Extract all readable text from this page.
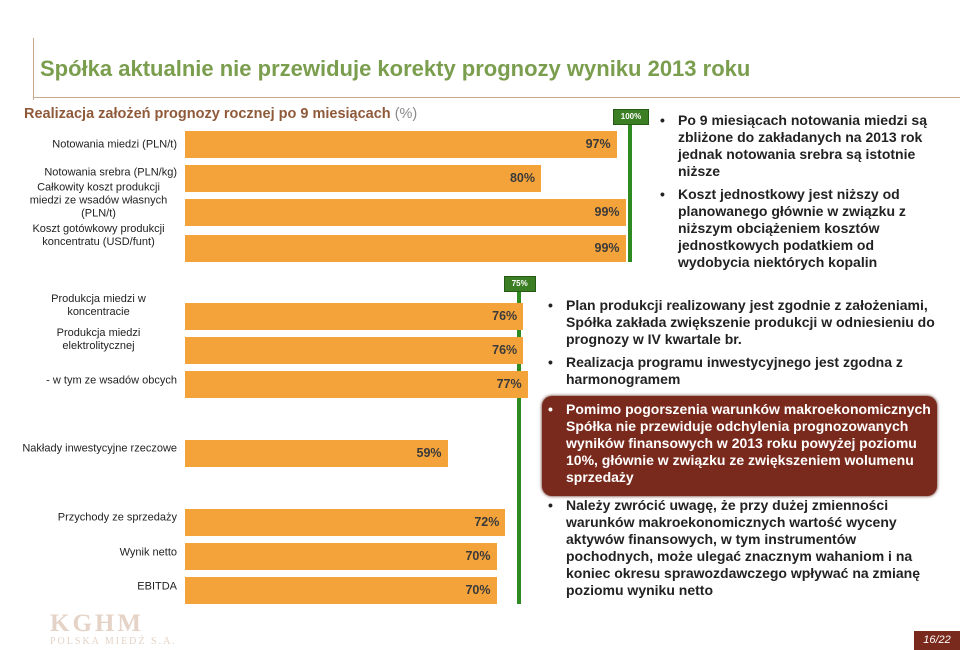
Spółka aktualnie nie przewiduje korekty prognozy wyniku 2013 roku
Realizacja założeń prognozy rocznej po 9 miesiącach (%)	100%
97%
Notowania miedzi (PLN/t)
80%
Notowania srebra (PLN/kg)
99%
Całkowity koszt produkcji miedzi ze wsadów własnych (PLN/t)
99%
Koszt gotówkowy produkcji koncentratu (USD/funt)
75%
76%
Produkcja miedzi w koncentracie
76%
Produkcja miedzi elektrolitycznej
77%
- w tym ze wsadów obcych
59%
Nakłady inwestycyjne rzeczowe
72%
Przychody ze sprzedaży
70%
Wynik netto
70%
EBITDA
• Po 9 miesiącach notowania miedzi są zbliżone do zakładanych na 2013 rok jednak notowania srebra są istotnie niższe
• Koszt jednostkowy jest niższy od planowanego głównie w związku z niższym obciążeniem kosztów jednostkowych podatkiem od wydobycia niektórych kopalin
• Plan produkcji realizowany jest zgodnie z założeniami, Spółka zakłada zwiększenie produkcji w odniesieniu do prognozy w IV kwartale br.
• Realizacja programu inwestycyjnego jest zgodna z harmonogramem
• Pomimo pogorszenia warunków makroekonomicznych Spółka nie przewiduje odchylenia prognozowanych wyników finansowych w 2013 roku powyżej poziomu 10%, głównie w związku ze zwiększeniem wolumenu sprzedaży
• Należy zwrócić uwagę, że przy dużej zmienności warunków makroekonomicznych wartość wyceny aktywów finansowych, w tym instrumentów pochodnych, może ulegać znacznym wahaniom i na koniec okresu sprawozdawczego wpływać na zmianę poziomu wyniku netto
KGHM
POLSKA MIEDŹ S.A.	16/22
